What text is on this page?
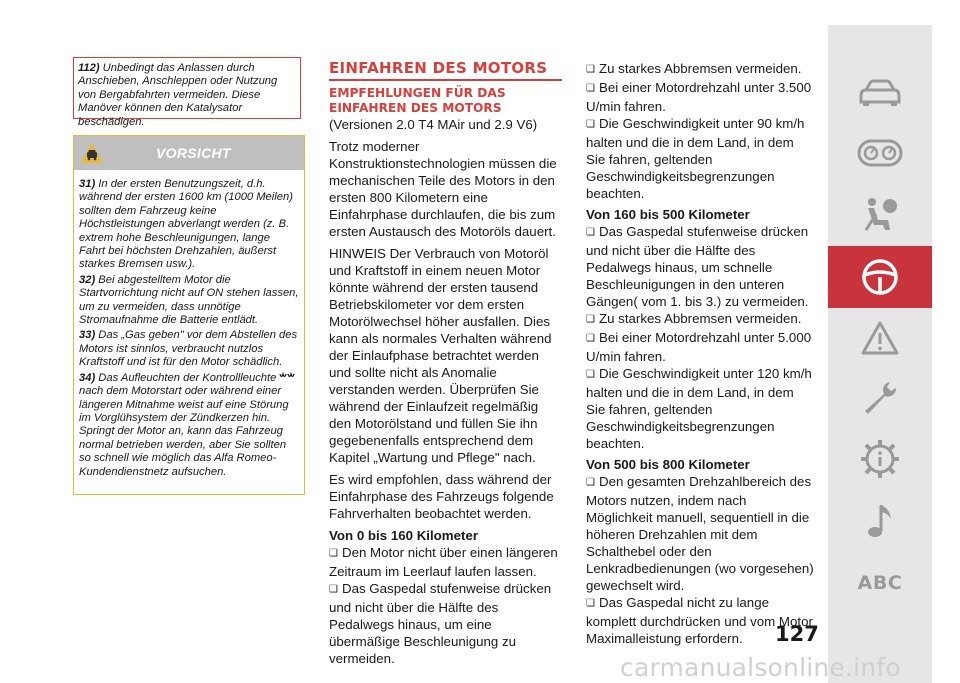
112) Unbedingt das Anlassen durch Anschieben, Anschleppen oder Nutzung von Bergabfahrten vermeiden. Diese Manöver können den Katalysator beschädigen.
VORSICHT

31) In der ersten Benutzungszeit, d.h. während der ersten 1600 km (1000 Meilen) sollten dem Fahrzeug keine Höchstleistungen abverlangt werden (z. B. extrem hohe Beschleunigungen, lange Fahrt bei höchsten Drehzahlen, äußerst starkes Bremsen usw.).

32) Bei abgestelltem Motor die Startvorrichtung nicht auf ON stehen lassen, um zu vermeiden, dass unnötige Stromaufnahme die Batterie entlädt.

33) Das „Gas geben" vor dem Abstellen des Motors ist sinnlos, verbraucht nutzlos Kraftstoff und ist für den Motor schädlich.

34) Das Aufleuchten der Kontrollleuchte  nach dem Motorstart oder während einer längeren Mitnahme weist auf eine Störung im Vorglühsystem der Zündkerzen hin. Springt der Motor an, kann das Fahrzeug normal betrieben werden, aber Sie sollten so schnell wie möglich das Alfa Romeo-Kundendienstnetz aufsuchen.

EINFAHREN DES MOTORS
EMPFEHLUNGEN FÜR DAS EINFAHREN DES MOTORS

(Versionen 2.0 T4 MAir und 2.9 V6)

Trotz moderner Konstruktionstechnologien müssen die mechanischen Teile des Motors in den ersten 800 Kilometern eine Einfahrphase durchlaufen, die bis zum ersten Austausch des Motoröls dauert.

HINWEIS Der Verbrauch von Motoröl und Kraftstoff in einem neuen Motor könnte während der ersten tausend Betriebskilometer vor dem ersten Motorölwechsel höher ausfallen. Dies kann als normales Verhalten während der Einlaufphase betrachtet werden und sollte nicht als Anomalie verstanden werden. Überprüfen Sie während der Einlaufzeit regelmäßig den Motorölstand und füllen Sie ihn gegebenenfalls entsprechend dem Kapitel „Wartung und Pflege" nach.

Es wird empfohlen, dass während der Einfahrphase des Fahrzeugs folgende Fahrverhalten beobachtet werden.

Von 0 bis 160 Kilometer

❏ Den Motor nicht über einen längeren Zeitraum im Leerlauf laufen lassen.

❏ Das Gaspedal stufenweise drücken und nicht über die Hälfte des Pedalwegs hinaus, um eine übermäßige Beschleunigung zu vermeiden.

❏ Zu starkes Abbremsen vermeiden.

❏ Bei einer Motordrehzahl unter 3.500 U/min fahren.

❏ Die Geschwindigkeit unter 90 km/h halten und die in dem Land, in dem Sie fahren, geltenden Geschwindigkeitsbegrenzungen beachten.

Von 160 bis 500 Kilometer

❏ Das Gaspedal stufenweise drücken und nicht über die Hälfte des Pedalwegs hinaus, um schnelle Beschleunigungen in den unteren Gängen( vom 1. bis 3.) zu vermeiden.

❏ Zu starkes Abbremsen vermeiden.

❏ Bei einer Motordrehzahl unter 5.000 U/min fahren.

❏ Die Geschwindigkeit unter 120 km/h halten und die in dem Land, in dem Sie fahren, geltenden Geschwindigkeitsbegrenzungen beachten.

Von 500 bis 800 Kilometer

❏ Den gesamten Drehzahlbereich des Motors nutzen, indem nach Möglichkeit manuell, sequentiell in die höheren Drehzahlen mit dem Schalthebel oder den Lenkradbedienungen (wo vorgesehen) gewechselt wird.

❏ Das Gaspedal nicht zu lange komplett durchdrücken und vom Motor Maximalleistung erfordern.	127
ABC
carmanualsonline.info
